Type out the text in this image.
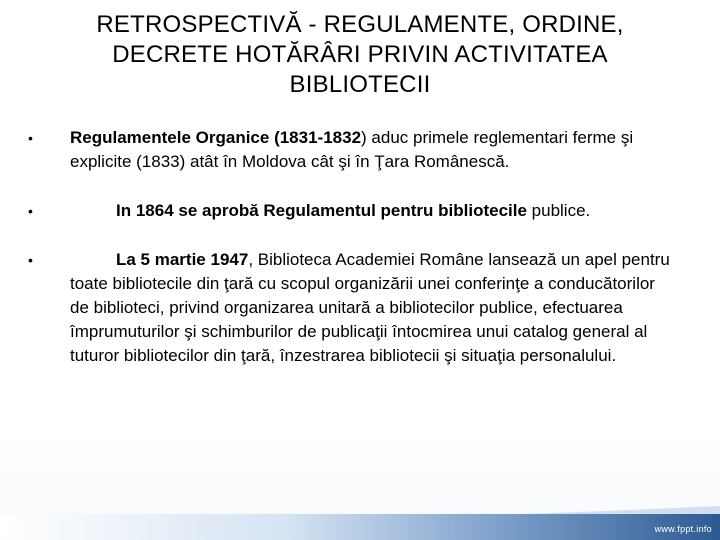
RETROSPECTIVĂ - REGULAMENTE, ORDINE,
DECRETE HOTĂRÂRI PRIVIN ACTIVITATEA
BIBLIOTECII
• Regulamentele Organice (1831-1832) aduc primele reglementari ferme şi explicite (1833) atât în Moldova cât şi în Ţara Românescă.
•	In 1864 se aprobă Regulamentul pentru bibliotecile publice.
•	La 5 martie 1947, Biblioteca Academiei Române lansează un apel pentru toate bibliotecile din ţară cu scopul organizării unei conferinţe a conducătorilor de biblioteci, privind organizarea unitară a bibliotecilor publice, efectuarea împrumuturilor şi schimburilor de publicaţii întocmirea unui catalog general al tuturor bibliotecilor din ţară, înzestrarea bibliotecii şi situaţia personalului.
www.fppt.info
